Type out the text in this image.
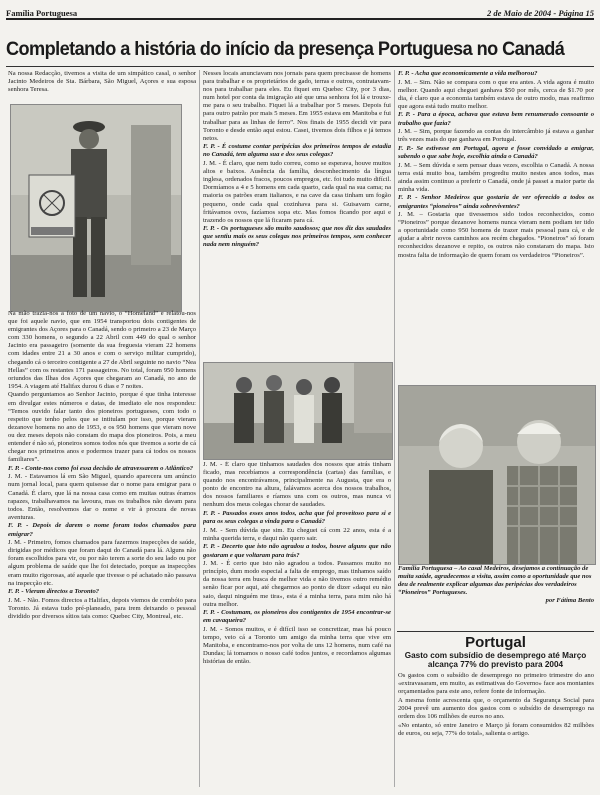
Família Portuguesa	2 de Maio de 2004 - Página 15
Completando a história do início da presença Portuguesa no Canadá

Na nossa Redacção, tivemos a visita de um simpático casal, o senhor Jacinto Medeiros de Sta. Bárbara, São Miguel, Açores e sua esposa senhora Teresa.

Na mão trazia-nos a foto de um navio, o “Homeland” e relatou-nos que foi aquele navio, que em 1954 transportou dois contigentes de emigrantes dos Açores para o Canadá, sendo o primeiro a 23 de Março com 330 homens, o segundo a 22 Abril com 449 do qual o senhor Jacinto era passageiro (somente da sua freguesia vieram 22 homens com idades entre 21 a 30 anos e com o serviço militar cumprido), chegando cá o terceiro contigente a 27 de Abril seguinte no navio “Nea Hellas” com os restantes 171 passageiros. No total, foram 950 homens oriundos das Ilhas dos Açores que chegaram ao Canadá, no ano de 1954. A viagem até Halifax durou 6 dias e 7 noites.

Quando perguntamos ao Senhor Jacinto, porque é que tinha interesse em divulgar estes números e datas, de imediato ele nos respondeu: “Temos ouvido falar tanto dos pioneiros portugueses, com todo o respeito que tenho pelos que se intitulam por isso, porque vieram dezanove homens no ano de 1953, e os 950 homens que vieram nove ou dez meses depois não constam do mapa dos pioneiros. Pois, a meu entender é não só, pioneiros somos todos nós que tivemos a sorte de cá chegar nos primeiros anos e podermos trazer para cá todos os nossos familiares”.

F. P. - Conte-nos como foi essa decisão de atravessarem o Atlântico?

J. M. - Estavamos lá em São Miguel, quando aparecera um anúncio num jornal local, para quem quisesse dar o nome para emigrar para o Canadá. É claro, que lá na nossa casa como em muitas outras éramos rapazes, trabalhavamos na lavoura, mas os trabalhos não davam para todos. Então, resolvemos dar o nome e vir à procura de novas aventuras.

F. P. - Depois de darem o nome foram todos chamados para emigrar?

J. M. - Primeiro, fomos chamados para fazermos inspecções de saúde, dirigidas por médicos que foram daqui do Canadá para lá. Alguns não foram escolhidos para vir, ou por não terem a sorte do seu lado ou por algum problema de saúde que lhe foi detectado, porque as inspecções eram muito rigorosas, até aquele que tivesse o pé achatado não passava na inspecção etc.

F. P. - Vieram directos a Toronto?

J. M. - Não. Fomos directos a Halifax, depois viemos de combóio para Toronto. Já estava tudo pré-planeado, para irem deixando o pessoal dividido por diversos sítios tais como: Quebec City, Montreal, etc.

Nesses locais anunciavam nos jornais para quem precisasse de homens para trabalhar e os proprietários de gado, terras e outros, contratavam-nos para trabalhar para eles. Eu fiquei em Quebec City, por 3 dias, num hotel por conta da imigração até que uma senhora foi lá e trouxe-me para o seu trabalho. Fiquei lá a trabalhar por 5 meses. Depois fui para outro patrão por mais 5 meses. Em 1955 estava em Manitoba e fui trabalhar para as linhas de ferro”. Nos finais de 1955 decidi vir para Toronto e desde então aqui estou. Casei, tivemos dois filhos e já temos netos.

F. P. - É costume contar peripécias dos primeiros tempos de estadia no Canadá, tem alguma sua e dos seus colegas?

J. M. - É claro, que nem tudo correu, como se esperava, houve muitos altos e baixos. Ausência da família, desconhecimento da língua inglesa, ordenados fracos, poucos empregos, etc. foi tudo muito difícil. Dormíamos a 4 e 5 homens em cada quarto, cada qual na sua cama; na maioria os patrões eram italianos, e na cave da casa tinham um fogão pequeno, onde cada qual cozinhava para si. Guisavam carne, fritávamos ovos, fazíamos sopa etc. Mas fomos ficando por aqui e trazendo os nossos que lá ficaram para cá.

F. P. - Os portugueses são muito saudosos; que nos diz das saudades que sentiu mais os seus colegas nos primeiros tempos, sem conhecer nada nem ninguém?

J. M. - É claro que tinhamos saudades dos nossos que atrás tinham ficado, mas recebíamos a correspondência (cartas) das famílias, e quando nos encontrávamos, principalmente na Augusta, que era o ponto de encontro na altura, falávamos acerca dos nossos trabalhos, dos nossos familiares e ríamos uns com os outros, mas nunca vi nenhum dos meus colegas chorar de saudades.

F. P. - Passados esses anos todos, acha que foi proveitoso para si e para os seus colegas a vinda para o Canadá?

J. M. - Sem dúvida que sim. Eu cheguei cá com 22 anos, esta é a minha querida terra, e daqui não quero sair.

F. P. - Decerto que isto não agradou a todos, houve alguns que não gostaram e que voltaram para trás?

J. M. - É certo que isto não agradou a todos. Passamos muito no princípio, dum modo especial a falta de emprego, mas tinhamos saído da nossa terra em busca de melhor vida e não tivemos outro remédio senão ficar por aqui, até chegarmos ao ponto de dizer «daqui eu não saio, daqui ninguém me tira», esta é a minha terra, para mim não há outra melhor.

F. P. - Costumam, os pioneiros dos contigentes de 1954 encontrar-se em cavaqueira?

J. M. - Somos muitos, e é difícil isso se concretizar, mas há pouco tempo, veio cá a Toronto um amigo da minha terra que vive em Manitoba, e encontramo-nos por volta de uns 12 homens, num café na Dundas; lá tomamos o nosso café todos juntos, e recordamos algumas histórias de então.

F. P. - Acha que economicamente a vida melhorou?

J. M. – Sim. Não se compara com o que era antes. A vida agora é muito melhor. Quando aqui cheguei ganhava $50 por mês, cerca de $1.70 por dia, é claro que a economia também estava de outro modo, mas reafirmo que agora está tudo muito melhor.

F. P. - Para a época, achava que estava bem renumerado consoante o trabalho que fazia?

J. M. – Sim, porque fazendo as contas do intercâmbio já estava a ganhar três vezes mais do que ganhava em Portugal.

F. P.- Se estivesse em Portugal, agora e fosse convidado a emigrar, sabendo o que sabe hoje, escolhia ainda o Canadá?

J. M. – Sem dúvida e sem pensar duas vezes, escolhia o Canadá. A nossa terra está muito boa, também progrediu muito nestes anos todos, mas ainda assim continuo a preferir o Canadá, onde já passei a maior parte da minha vida.

F. P. - Senhor Medeiros que gostaria de ver oferecido a todos os emigrantes “pioneiros” ainda sobreviventes?

J. M. – Gostaria que tivessemos sido todos reconhecidos, como “Pioneiros” porque dezanove homens nunca vieram nem podiam ter tido a oportunidade como 950 homens de trazer mais pessoal para cá, e de ajudar a abrir novos caminhos aos recém chegados. “Pioneiros” só foram reconhecidos dezanove e repito, os outros não constaram do mapa. Isto mostra falta de informação de quem foram os verdadeiros “Pioneiros”.

Família Portuguesa – Ao casal Medeiros, desejamos a continuação de muita saúde, agradecemos a visita, assim como a oportunidade que nos deu de realmente explicar algumas das peripécias dos verdadeiros “Pioneiros” Portugueses.
por Fátima Bento
Portugal
Gasto com subsídio de desemprego até Março alcança 77% do previsto para 2004

Os gastos com o subsídio de desemprego no primeiro trimestre do ano «extravasaram, em muito, as estimativas do Governo» face aos montantes orçamentados para este ano, refere fonte de informação.

A mesma fonte acrescenta que, o orçamento da Segurança Social para 2004 prevê um aumento dos gastos com o subsídio de desemprego na ordem dos 106 milhões de euros no ano.

«No entanto, só entre Janeiro e Março já foram consumidos 82 milhões de euros, ou seja, 77% do total», salienta o artigo.
